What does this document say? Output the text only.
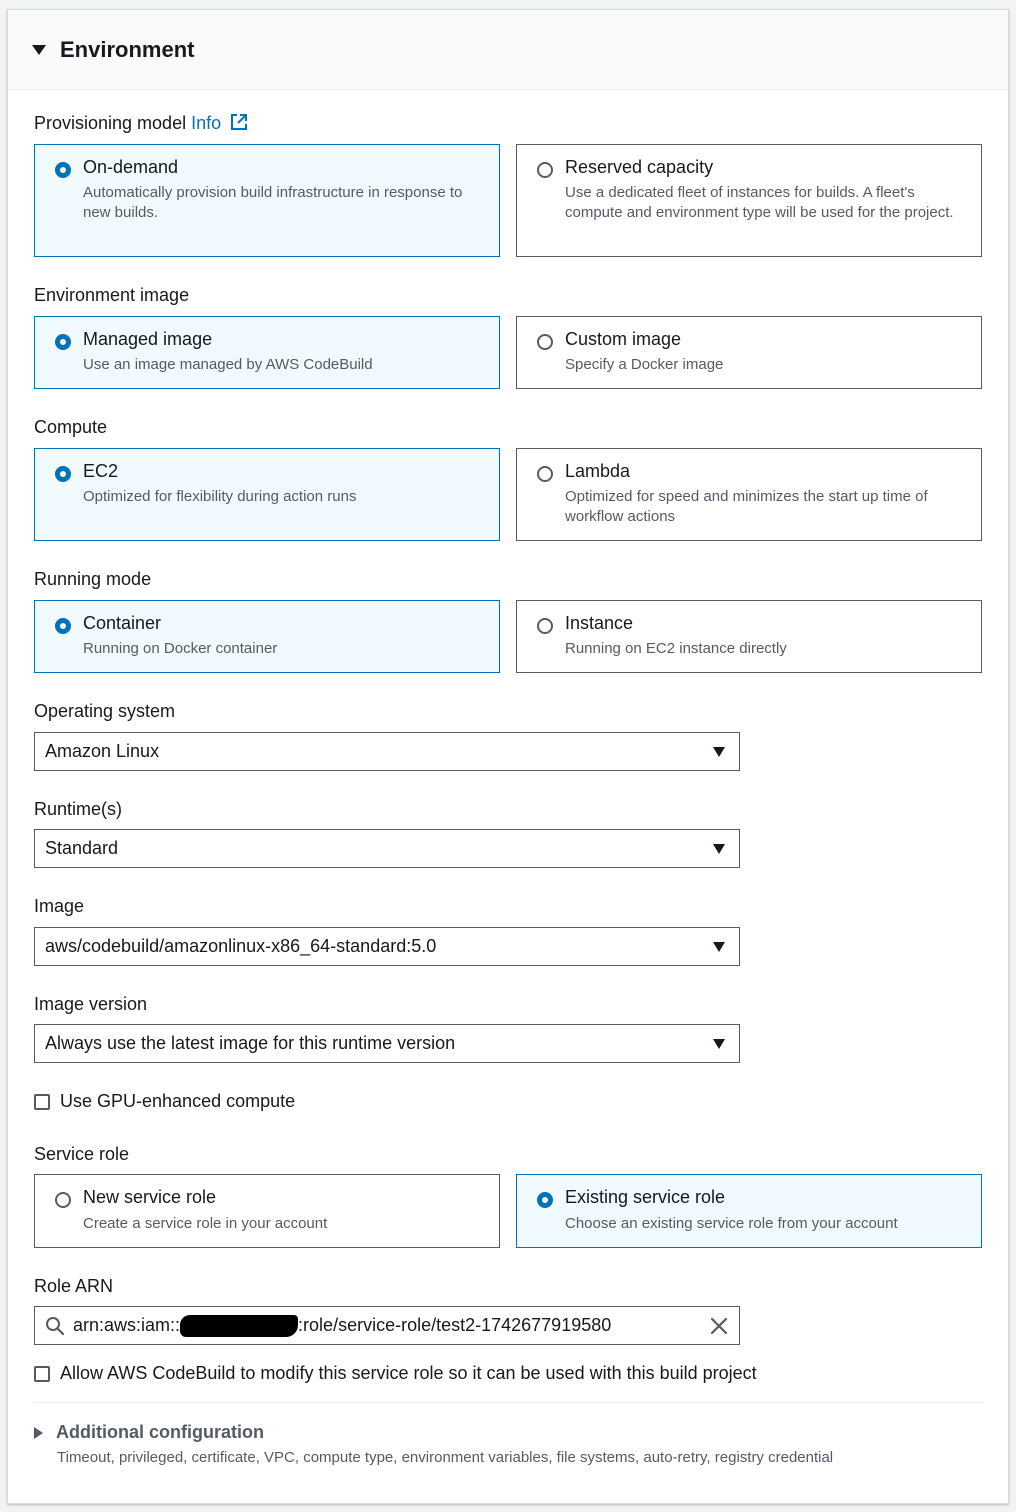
Environment
Provisioning model Info
On-demand
Automatically provision build infrastructure in response to new builds.
Reserved capacity
Use a dedicated fleet of instances for builds. A fleet's compute and environment type will be used for the project.
Environment image
Managed image
Use an image managed by AWS CodeBuild
Custom image
Specify a Docker image
Compute
EC2
Optimized for flexibility during action runs
Lambda
Optimized for speed and minimizes the start up time of workflow actions
Running mode
Container
Running on Docker container
Instance
Running on EC2 instance directly
Operating system
Amazon Linux
Runtime(s)
Standard
Image
aws/codebuild/amazonlinux-x86_64-standard:5.0
Image version
Always use the latest image for this runtime version
Use GPU-enhanced compute
Service role
New service role
Create a service role in your account
Existing service role
Choose an existing service role from your account
Role ARN
arn:aws:iam::	:role/service-role/test2-1742677919580
Allow AWS CodeBuild to modify this service role so it can be used with this build project
Additional configuration
Timeout, privileged, certificate, VPC, compute type, environment variables, file systems, auto-retry, registry credential
